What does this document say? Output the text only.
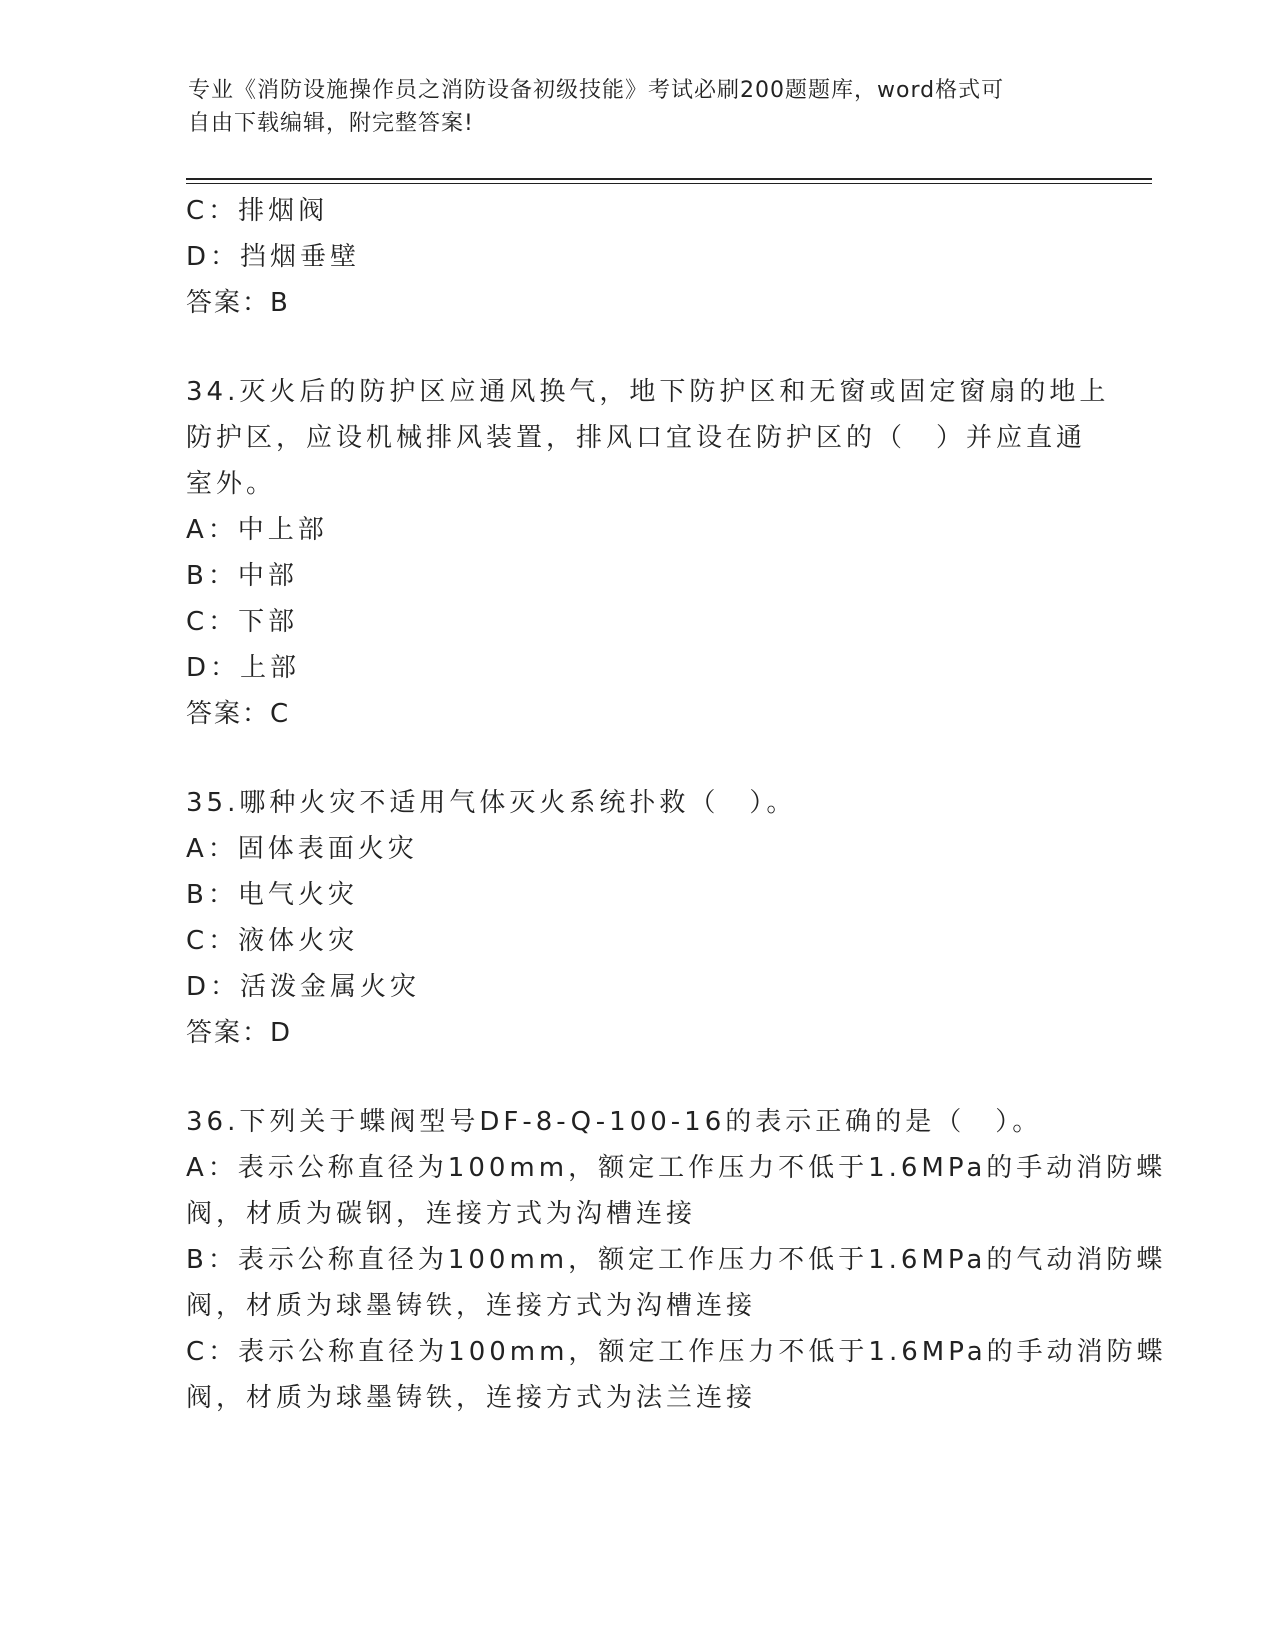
专业《消防设施操作员之消防设备初级技能》考试必刷200题题库，word格式可
自由下载编辑，附完整答案!
C：排烟阀
D：挡烟垂壁
答案：B
34.灭火后的防护区应通风换气，地下防护区和无窗或固定窗扇的地上
防护区，应设机械排风装置，排风口宜设在防护区的（　）并应直通
室外。
A：中上部
B：中部
C：下部
D：上部
答案：C
35.哪种火灾不适用气体灭火系统扑救（　）。
A：固体表面火灾
B：电气火灾
C：液体火灾
D：活泼金属火灾
答案：D
36.下列关于蝶阀型号DF-8-Q-100-16的表示正确的是（　）。
A：表示公称直径为100mm，额定工作压力不低于1.6MPa的手动消防蝶
阀，材质为碳钢，连接方式为沟槽连接
B：表示公称直径为100mm，额定工作压力不低于1.6MPa的气动消防蝶
阀，材质为球墨铸铁，连接方式为沟槽连接
C：表示公称直径为100mm，额定工作压力不低于1.6MPa的手动消防蝶
阀，材质为球墨铸铁，连接方式为法兰连接
